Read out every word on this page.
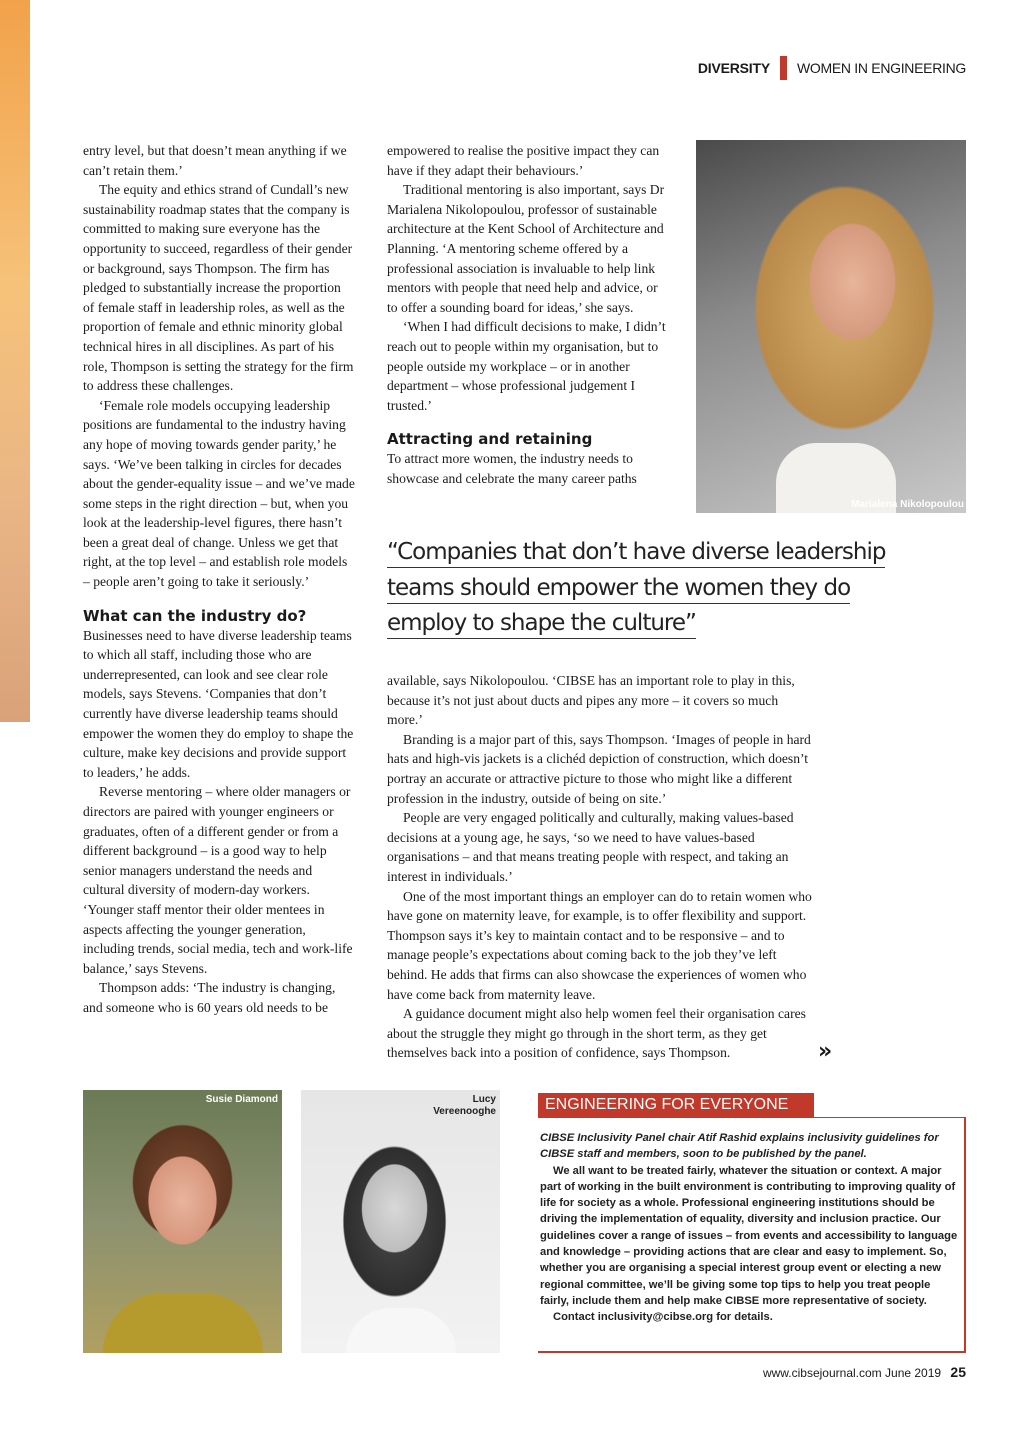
DIVERSITY WOMEN IN ENGINEERING

entry level, but that doesn’t mean anything if we can’t retain them.’

The equity and ethics strand of Cundall’s new sustainability roadmap states that the company is committed to making sure everyone has the opportunity to succeed, regardless of their gender or background, says Thompson. The firm has pledged to substantially increase the proportion of female staff in leadership roles, as well as the proportion of female and ethnic minority global technical hires in all disciplines. As part of his role, Thompson is setting the strategy for the firm to address these challenges.

‘Female role models occupying leadership positions are fundamental to the industry having any hope of moving towards gender parity,’ he says. ‘We’ve been talking in circles for decades about the gender-equality issue – and we’ve made some steps in the right direction – but, when you look at the leadership-level figures, there hasn’t been a great deal of change. Unless we get that right, at the top level – and establish role models – people aren’t going to take it seriously.’

What can the industry do?

Businesses need to have diverse leadership teams to which all staff, including those who are underrepresented, can look and see clear role models, says Stevens. ‘Companies that don’t currently have diverse leadership teams should empower the women they do employ to shape the culture, make key decisions and provide support to leaders,’ he adds.

Reverse mentoring – where older managers or directors are paired with younger engineers or graduates, often of a different gender or from a different background – is a good way to help senior managers understand the needs and cultural diversity of modern-day workers. ‘Younger staff mentor their older mentees in aspects affecting the younger generation, including trends, social media, tech and work-life balance,’ says Stevens.

Thompson adds: ‘The industry is changing, and someone who is 60 years old needs to be

empowered to realise the positive impact they can have if they adapt their behaviours.’

Traditional mentoring is also important, says Dr Marialena Nikolopoulou, professor of sustainable architecture at the Kent School of Architecture and Planning. ‘A mentoring scheme offered by a professional association is invaluable to help link mentors with people that need help and advice, or to offer a sounding board for ideas,’ she says.

‘When I had difficult decisions to make, I didn’t reach out to people within my organisation, but to people outside my workplace – or in another department – whose professional judgement I trusted.’

Attracting and retaining

To attract more women, the industry needs to showcase and celebrate the many career paths

Marialena Nikolopoulou
“Companies that don’t have diverse leadership
teams should empower the women they do
employ to shape the culture”

available, says Nikolopoulou. ‘CIBSE has an important role to play in this, because it’s not just about ducts and pipes any more – it covers so much more.’

Branding is a major part of this, says Thompson. ‘Images of people in hard hats and high-vis jackets is a clichéd depiction of construction, which doesn’t portray an accurate or attractive picture to those who might like a different profession in the industry, outside of being on site.’

People are very engaged politically and culturally, making values-based decisions at a young age, he says, ‘so we need to have values-based organisations – and that means treating people with respect, and taking an interest in individuals.’

One of the most important things an employer can do to retain women who have gone on maternity leave, for example, is to offer flexibility and support. Thompson says it’s key to maintain contact and to be responsive – and to manage people’s expectations about coming back to the job they’ve left behind. He adds that firms can also showcase the experiences of women who have come back from maternity leave.

A guidance document might also help women feel their organisation cares about the struggle they might go through in the short term, as they get themselves back into a position of confidence, says Thompson.	»
Susie Diamond	Lucy Vereenooghe	ENGINEERING FOR EVERYONE

CIBSE Inclusivity Panel chair Atif Rashid explains inclusivity guidelines for CIBSE staff and members, soon to be published by the panel.

We all want to be treated fairly, whatever the situation or context. A major part of working in the built environment is contributing to improving quality of life for society as a whole. Professional engineering institutions should be driving the implementation of equality, diversity and inclusion practice. Our guidelines cover a range of issues – from events and accessibility to language and knowledge – providing actions that are clear and easy to implement. So, whether you are organising a special interest group event or electing a new regional committee, we’ll be giving some top tips to help you treat people fairly, include them and help make CIBSE more representative of society.

Contact inclusivity@cibse.org for details.

www.cibsejournal.com June 2019 25
